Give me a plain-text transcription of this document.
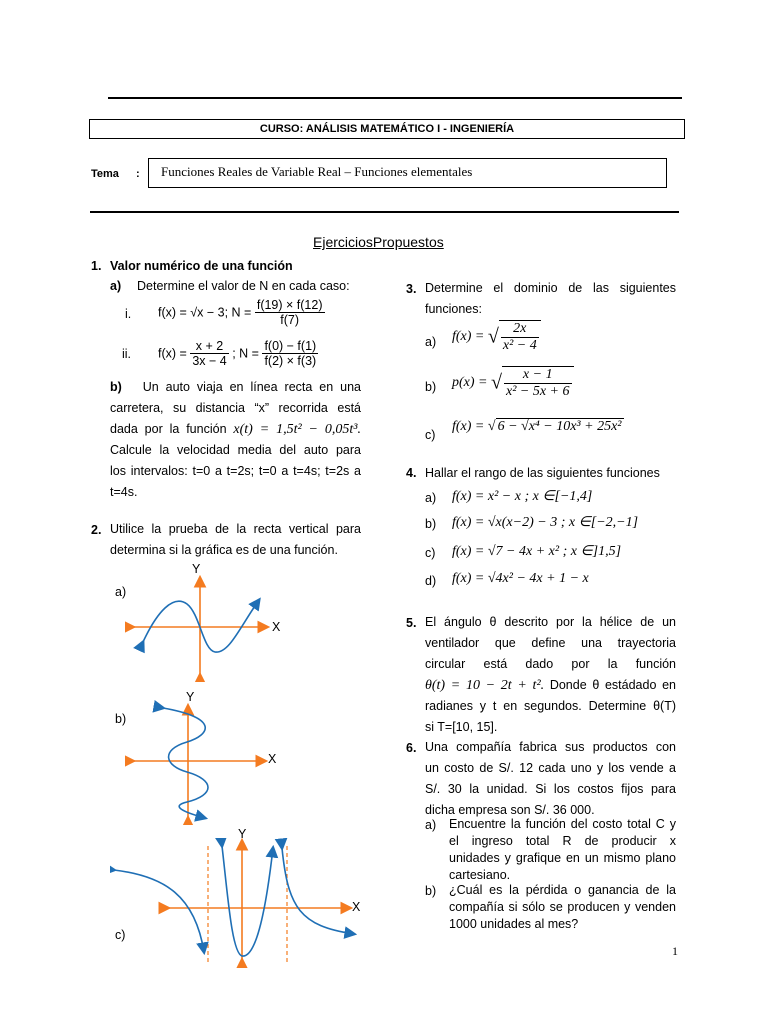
CURSO: ANÁLISIS MATEMÁTICO I - INGENIERÍA
Tema :	Funciones Reales de Variable Real – Funciones elementales
EjerciciosPropuestos
1. Valor numérico de una función
a) Determine el valor de N en cada caso:
i. f(x) = √x − 3; $N = \frac{f(19) \times f(12)}{f(7)}$
ii. $f(x) = \frac{x + 2}{3x - 4}$ ; $N = \frac{f(0) - f(1)}{f(2) \times f(3)}$
b) Un auto viaja en línea recta en una
carretera, su distancia “x” recorrida está
dada por la función x(t) = 1,5t² − 0,05t³.
Calcule la velocidad media del auto para
los intervalos: t=0 a t=2s; t=0 a t=4s; t=2s a
t=4s.
2. Utilice la prueba de la recta vertical para
determina si la gráfica es de una función.
a)
Y
X
b)
Y
X
c)
Y
X
3. Determine el dominio de las siguientes
funciones:
a) f(x) = √ $\frac{2x}{\text{x² − 4}}$
b) p(x) = √ $\frac{x - 1}{\text{x² − 5x + 6}}$
c)
f(x) = √ 6 − √x⁴ − 10x³ + 25x²
4. Hallar el rango de las siguientes funciones
a) f(x) = x² − x ; x ∈[−1,4]
b) f(x) = √x(x−2) − 3 ; x ∈[−2,−1]
c) f(x) = √7 − 4x + x² ; x ∈]1,5]
d) f(x) = √4x² − 4x + 1 − x
5. El ángulo θ descrito por la hélice de un
ventilador que define una trayectoria
circular está dado por la función
θ(t) = 10 − 2t + t². Donde θ estádado en
radianes y t en segundos. Determine θ(T)
si T=[10, 15].
6. Una compañía fabrica sus productos con
un costo de S/. 12 cada uno y los vende a
S/. 30 la unidad. Si los costos fijos para
dicha empresa son S/. 36 000.
a) Encuentre la función del costo total C y
el ingreso total R de producir x
unidades y grafique en un mismo plano
cartesiano.
b) ¿Cuál es la pérdida o ganancia de la
compañía si sólo se producen y venden
1000 unidades al mes?
1
